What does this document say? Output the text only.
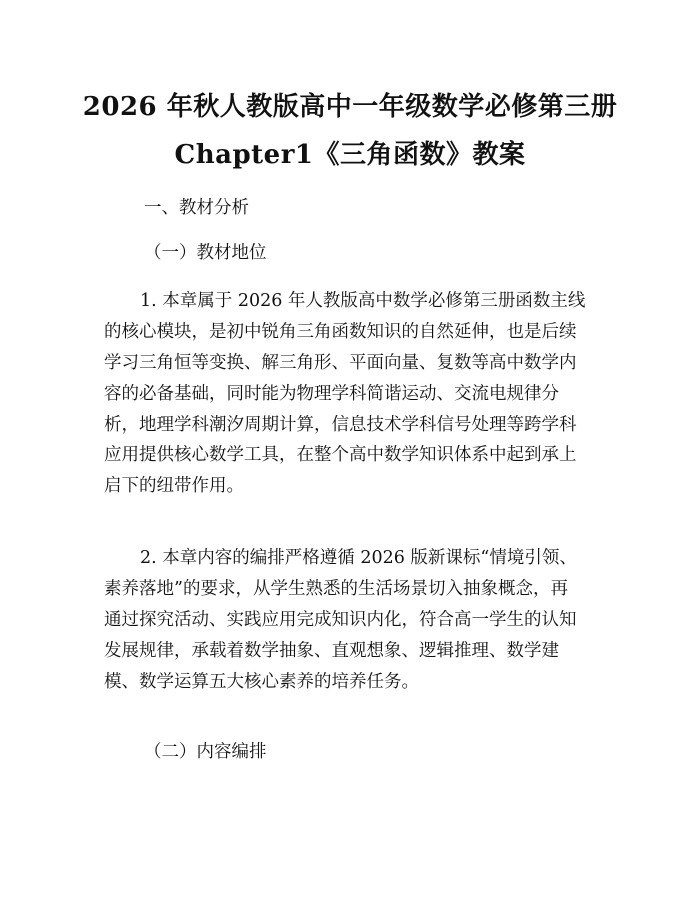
2026 年秋人教版高中一年级数学必修第三册
Chapter1《三角函数》教案
一、教材分析
（一）教材地位
1. 本章属于 2026 年人教版高中数学必修第三册函数主线
的核心模块，是初中锐角三角函数知识的自然延伸，也是后续
学习三角恒等变换、解三角形、平面向量、复数等高中数学内
容的必备基础，同时能为物理学科简谐运动、交流电规律分
析，地理学科潮汐周期计算，信息技术学科信号处理等跨学科
应用提供核心数学工具，在整个高中数学知识体系中起到承上
启下的纽带作用。
2. 本章内容的编排严格遵循 2026 版新课标“情境引领、
素养落地”的要求，从学生熟悉的生活场景切入抽象概念，再
通过探究活动、实践应用完成知识内化，符合高一学生的认知
发展规律，承载着数学抽象、直观想象、逻辑推理、数学建
模、数学运算五大核心素养的培养任务。
（二）内容编排
